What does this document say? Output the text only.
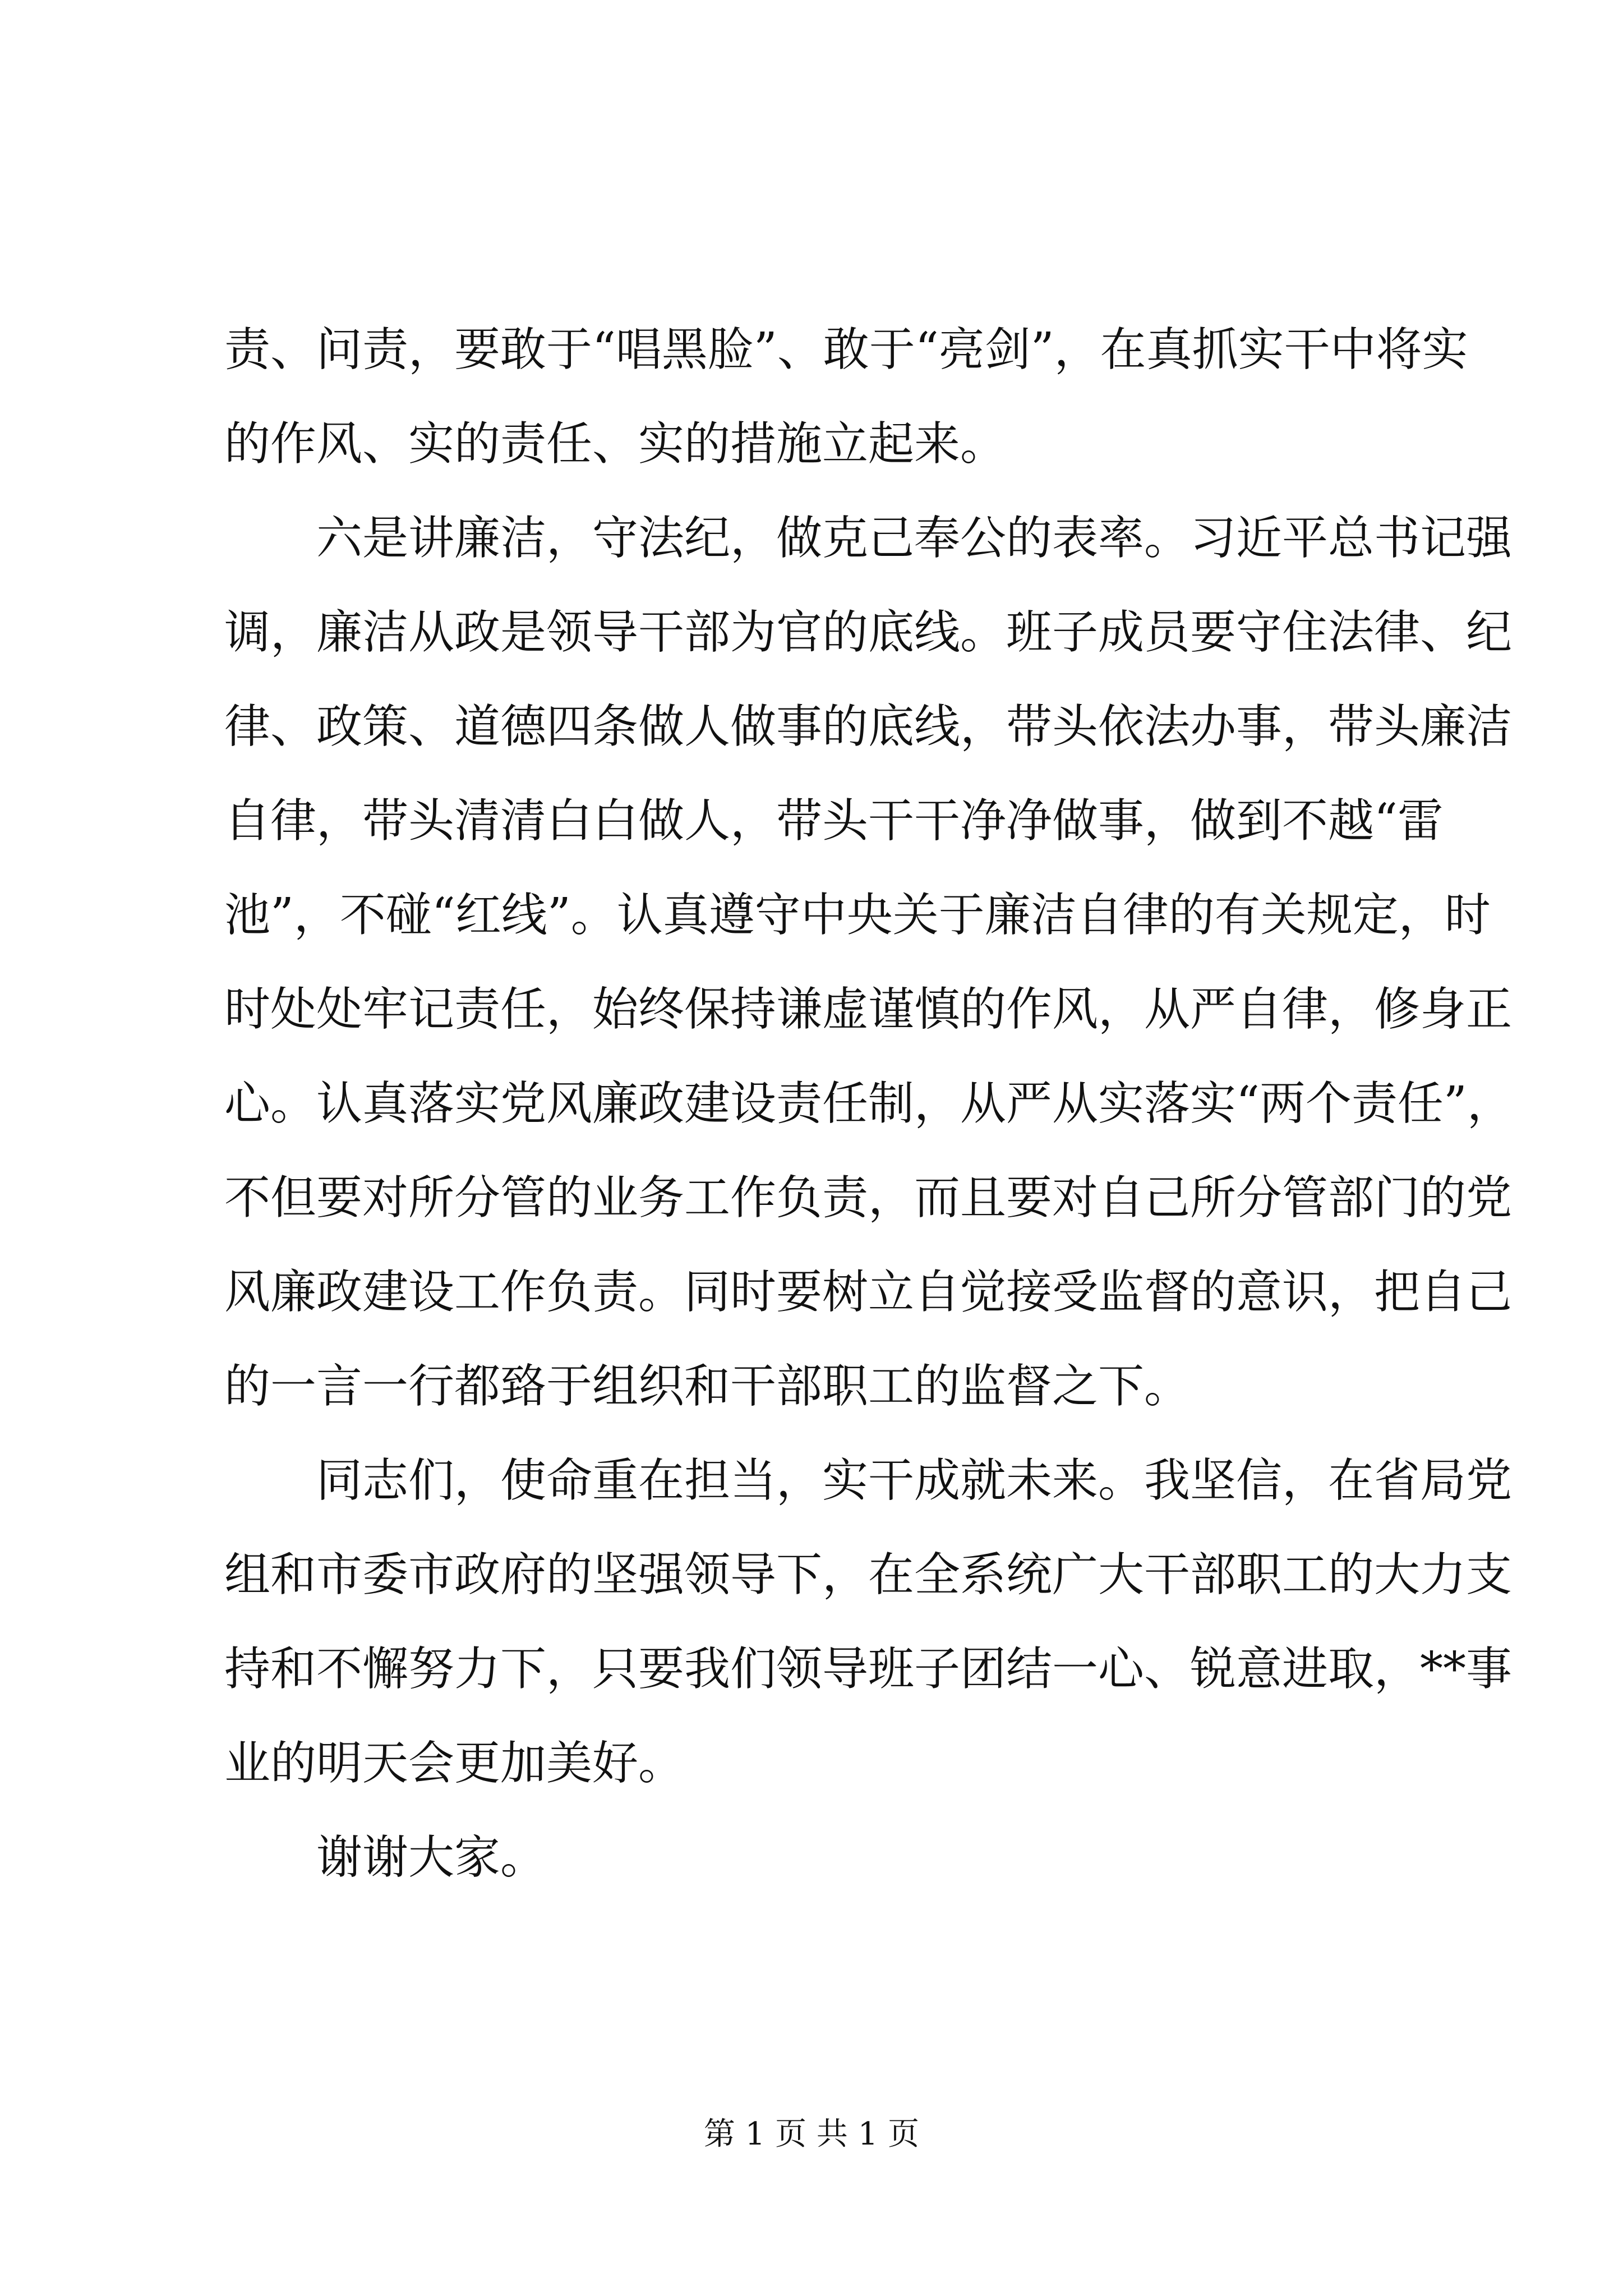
责、问责，要敢于“唱黑脸”、敢于“亮剑”，在真抓实干中将实
的作风、实的责任、实的措施立起来。
六是讲廉洁，守法纪，做克己奉公的表率。习近平总书记强
调，廉洁从政是领导干部为官的底线。班子成员要守住法律、纪
律、政策、道德四条做人做事的底线，带头依法办事，带头廉洁
自律，带头清清白白做人，带头干干净净做事，做到不越“雷
池”，不碰“红线”。认真遵守中央关于廉洁自律的有关规定，时
时处处牢记责任，始终保持谦虚谨慎的作风，从严自律，修身正
心。认真落实党风廉政建设责任制，从严从实落实“两个责任”，
不但要对所分管的业务工作负责，而且要对自己所分管部门的党
风廉政建设工作负责。同时要树立自觉接受监督的意识，把自己
的一言一行都臵于组织和干部职工的监督之下。
同志们，使命重在担当，实干成就未来。我坚信，在省局党
组和市委市政府的坚强领导下，在全系统广大干部职工的大力支
持和不懈努力下，只要我们领导班子团结一心、锐意进取，**事
业的明天会更加美好。
谢谢大家。
第 1 页 共 1 页
